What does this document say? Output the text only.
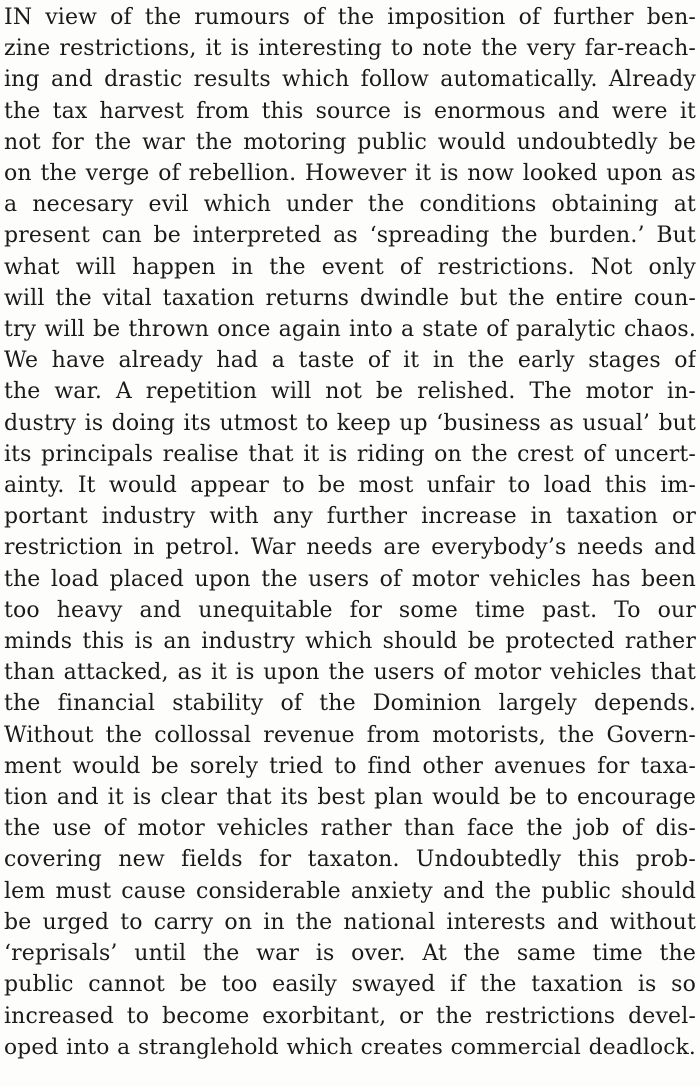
IN view of the rumours of the imposition of further ben-
zine restrictions, it is interesting to note the very far-reach-
ing and drastic results which follow automatically. Already
the tax harvest from this source is enormous and were it
not for the war the motoring public would undoubtedly be
on the verge of rebellion. However it is now looked upon as
a necesary evil which under the conditions obtaining at
present can be interpreted as ‘spreading the burden.’ But
what will happen in the event of restrictions. Not only
will the vital taxation returns dwindle but the entire coun-
try will be thrown once again into a state of paralytic chaos.
We have already had a taste of it in the early stages of
the war. A repetition will not be relished. The motor in-
dustry is doing its utmost to keep up ‘business as usual’ but
its principals realise that it is riding on the crest of uncert-
ainty. It would appear to be most unfair to load this im-
portant industry with any further increase in taxation or
restriction in petrol. War needs are everybody’s needs and
the load placed upon the users of motor vehicles has been
too heavy and unequitable for some time past. To our
minds this is an industry which should be protected rather
than attacked, as it is upon the users of motor vehicles that
the financial stability of the Dominion largely depends.
Without the collossal revenue from motorists, the Govern-
ment would be sorely tried to find other avenues for taxa-
tion and it is clear that its best plan would be to encourage
the use of motor vehicles rather than face the job of dis-
covering new fields for taxaton. Undoubtedly this prob-
lem must cause considerable anxiety and the public should
be urged to carry on in the national interests and without
‘reprisals’ until the war is over. At the same time the
public cannot be too easily swayed if the taxation is so
increased to become exorbitant, or the restrictions devel-
oped into a stranglehold which creates commercial deadlock.
